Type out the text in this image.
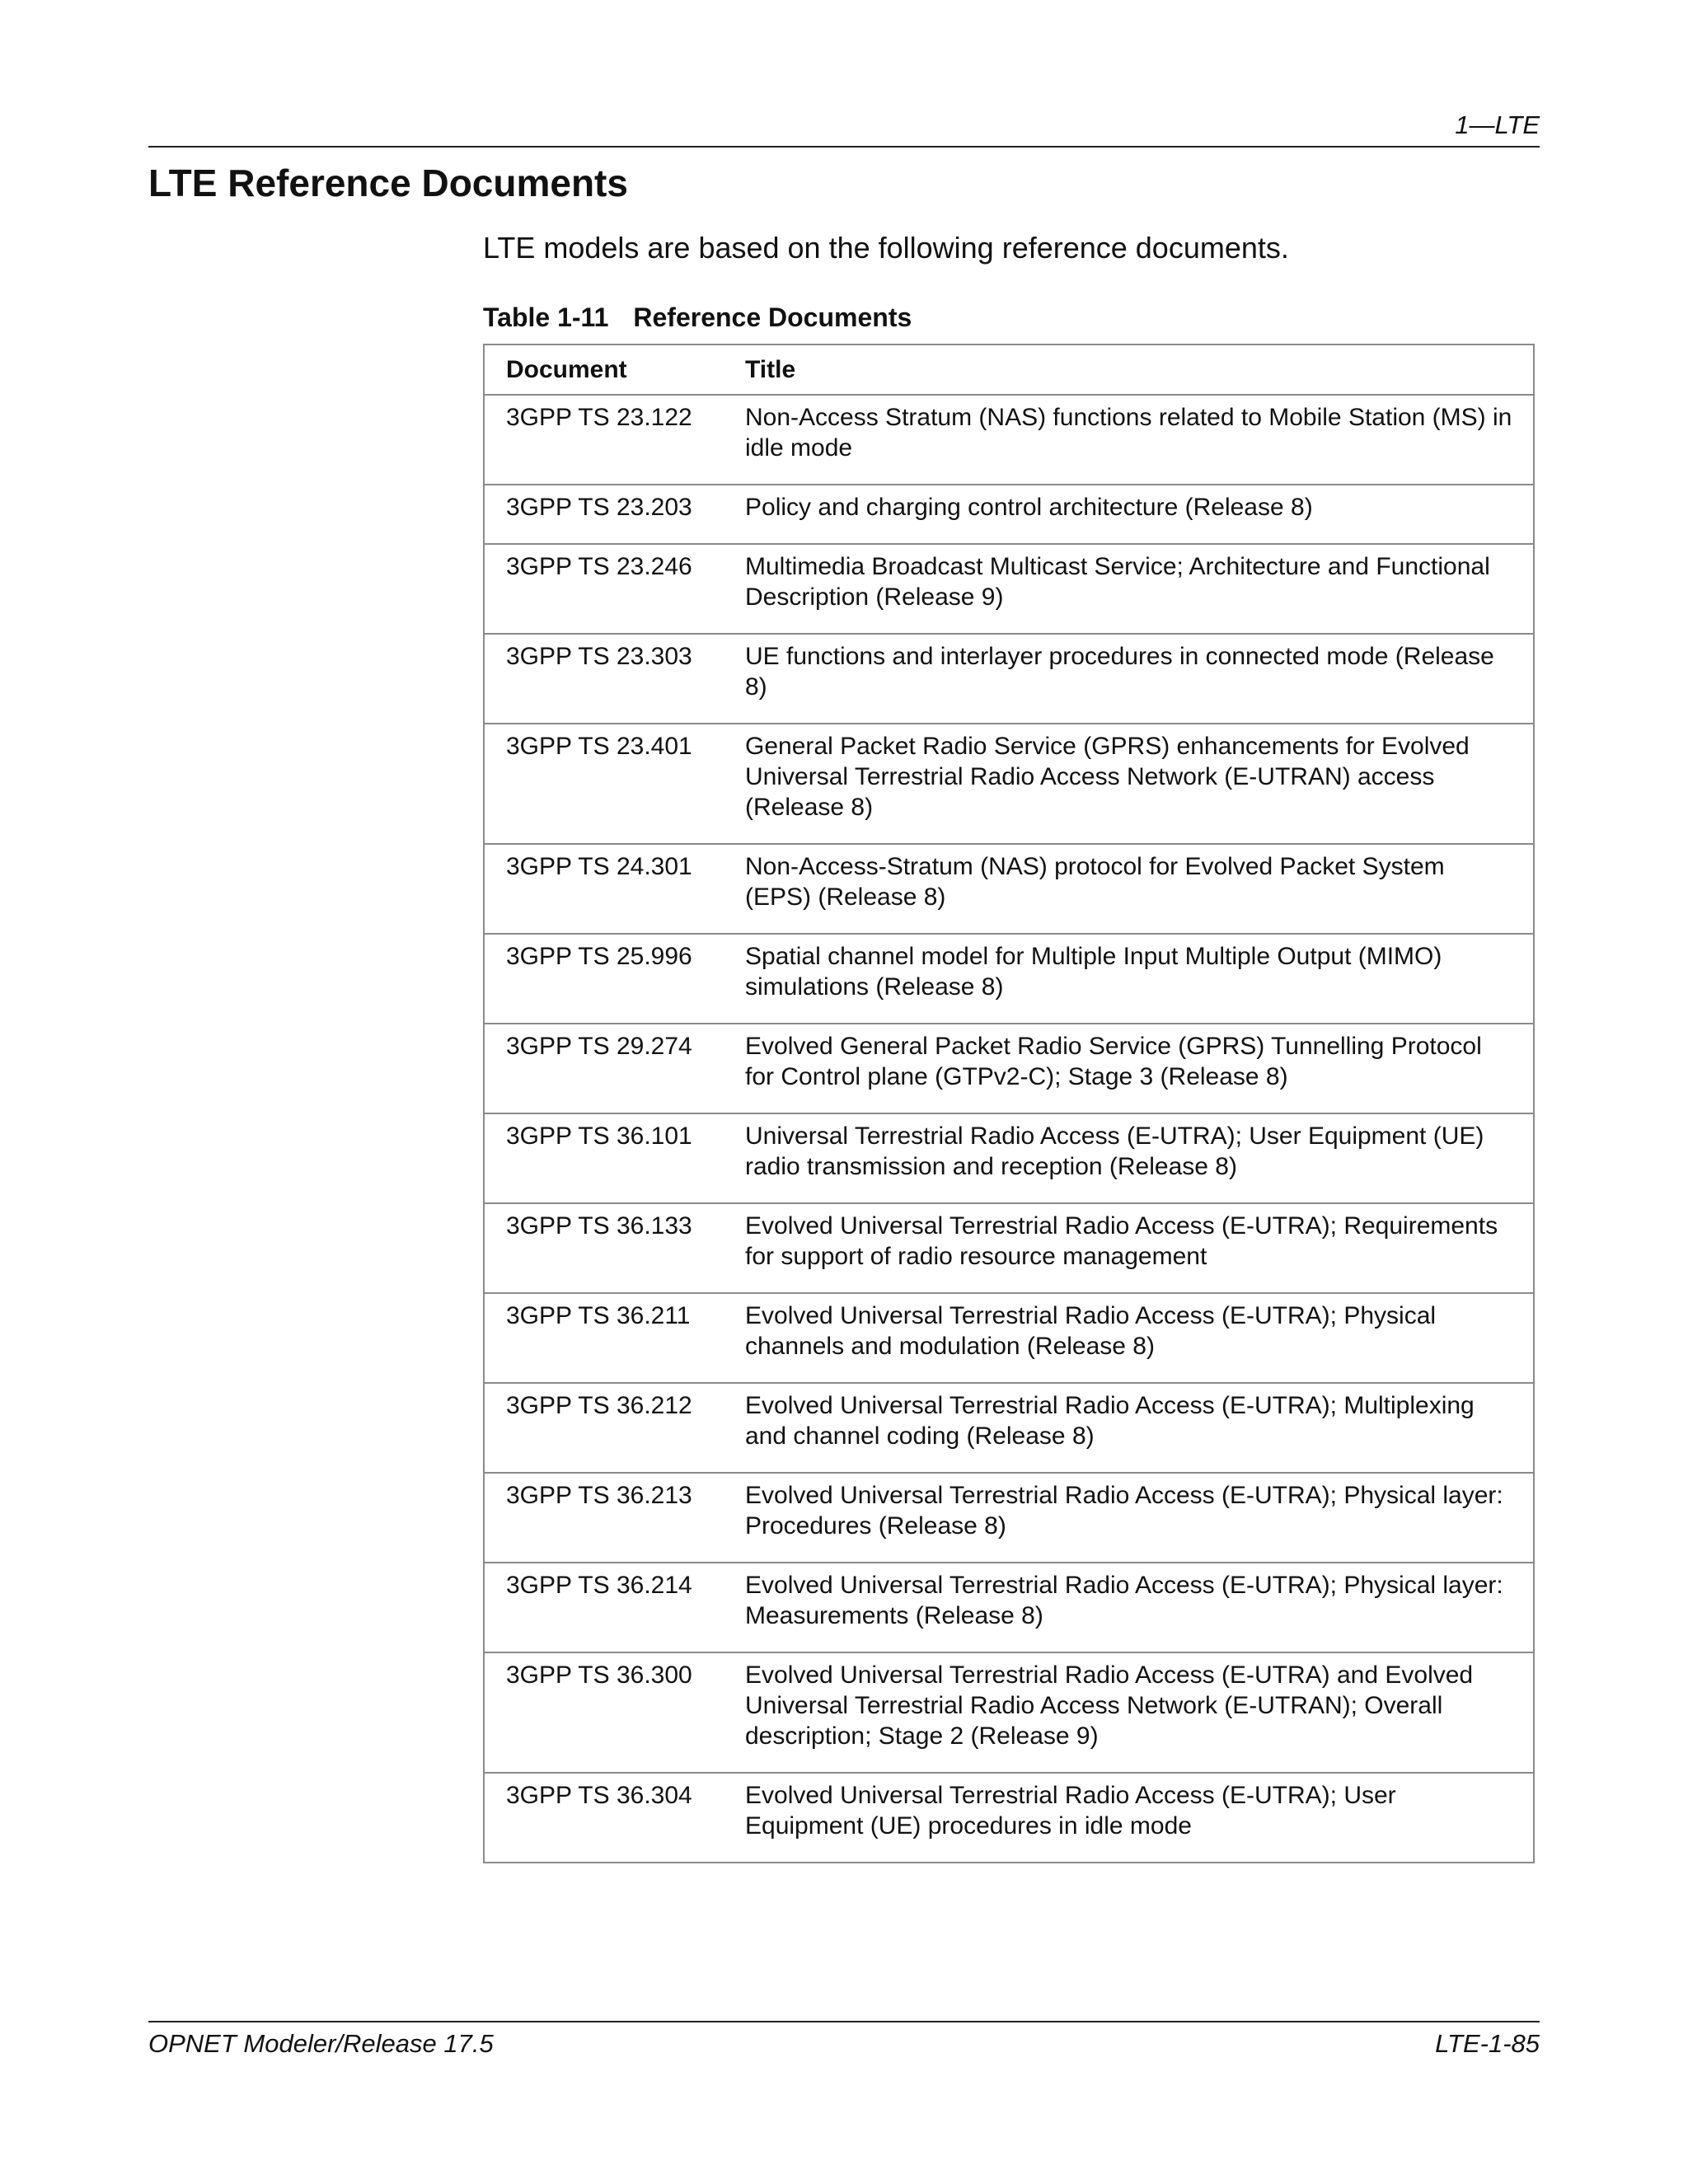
1—LTE
LTE Reference Documents

LTE models are based on the following reference documents.

Table 1-11 Reference Documents

Document	Title
3GPP TS 23.122	Non-Access Stratum (NAS) functions related to Mobile Station (MS) in idle mode
3GPP TS 23.203	Policy and charging control architecture (Release 8)
3GPP TS 23.246	Multimedia Broadcast Multicast Service; Architecture and Functional Description (Release 9)
3GPP TS 23.303	UE functions and interlayer procedures in connected mode (Release 8)
3GPP TS 23.401	General Packet Radio Service (GPRS) enhancements for Evolved Universal Terrestrial Radio Access Network (E-UTRAN) access (Release 8)
3GPP TS 24.301	Non-Access-Stratum (NAS) protocol for Evolved Packet System (EPS) (Release 8)
3GPP TS 25.996	Spatial channel model for Multiple Input Multiple Output (MIMO) simulations (Release 8)
3GPP TS 29.274	Evolved General Packet Radio Service (GPRS) Tunnelling Protocol for Control plane (GTPv2-C); Stage 3 (Release 8)
3GPP TS 36.101	Universal Terrestrial Radio Access (E-UTRA); User Equipment (UE) radio transmission and reception (Release 8)
3GPP TS 36.133	Evolved Universal Terrestrial Radio Access (E-UTRA); Requirements for support of radio resource management
3GPP TS 36.211	Evolved Universal Terrestrial Radio Access (E-UTRA); Physical channels and modulation (Release 8)
3GPP TS 36.212	Evolved Universal Terrestrial Radio Access (E-UTRA); Multiplexing and channel coding (Release 8)
3GPP TS 36.213	Evolved Universal Terrestrial Radio Access (E-UTRA); Physical layer: Procedures (Release 8)
3GPP TS 36.214	Evolved Universal Terrestrial Radio Access (E-UTRA); Physical layer: Measurements (Release 8)
3GPP TS 36.300	Evolved Universal Terrestrial Radio Access (E-UTRA) and Evolved Universal Terrestrial Radio Access Network (E-UTRAN); Overall description; Stage 2 (Release 9)
3GPP TS 36.304	Evolved Universal Terrestrial Radio Access (E-UTRA); User Equipment (UE) procedures in idle mode
OPNET Modeler/Release 17.5	LTE-1-85
